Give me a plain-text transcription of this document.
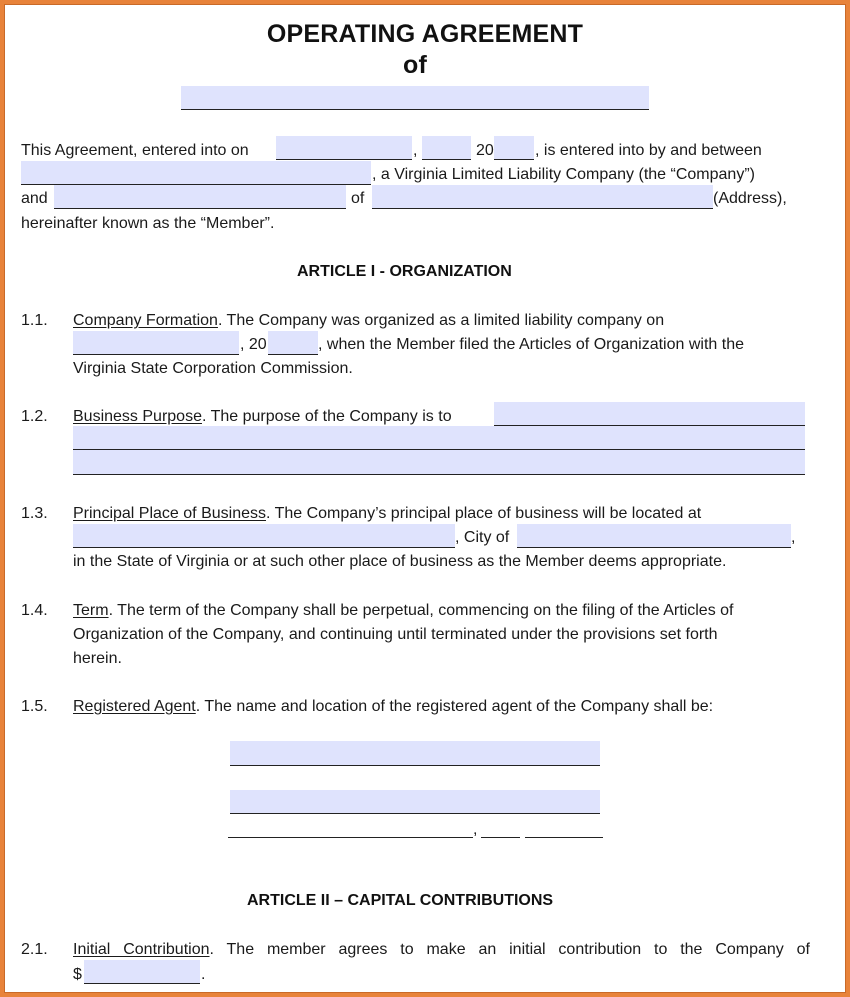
OPERATING AGREEMENT
of
This Agreement, entered into on	,	20	, is entered into by and between
, a Virginia Limited Liability Company (the “Company”)
and	of	(Address),
hereinafter known as the “Member”.
ARTICLE I - ORGANIZATION
1.1. Company Formation. The Company was organized as a limited liability company on
, 20	, when the Member filed the Articles of Organization with the
Virginia State Corporation Commission.
1.2. Business Purpose. The purpose of the Company is to
1.3. Principal Place of Business. The Company’s principal place of business will be located at
, City of	,
in the State of Virginia or at such other place of business as the Member deems appropriate.
1.4. Term. The term of the Company shall be perpetual, commencing on the filing of the Articles of
Organization of the Company, and continuing until terminated under the provisions set forth
herein.
1.5. Registered Agent. The name and location of the registered agent of the Company shall be:
,
ARTICLE II – CAPITAL CONTRIBUTIONS
2.1. Initial Contribution. The member agrees to make an initial contribution to the Company of
$	.
